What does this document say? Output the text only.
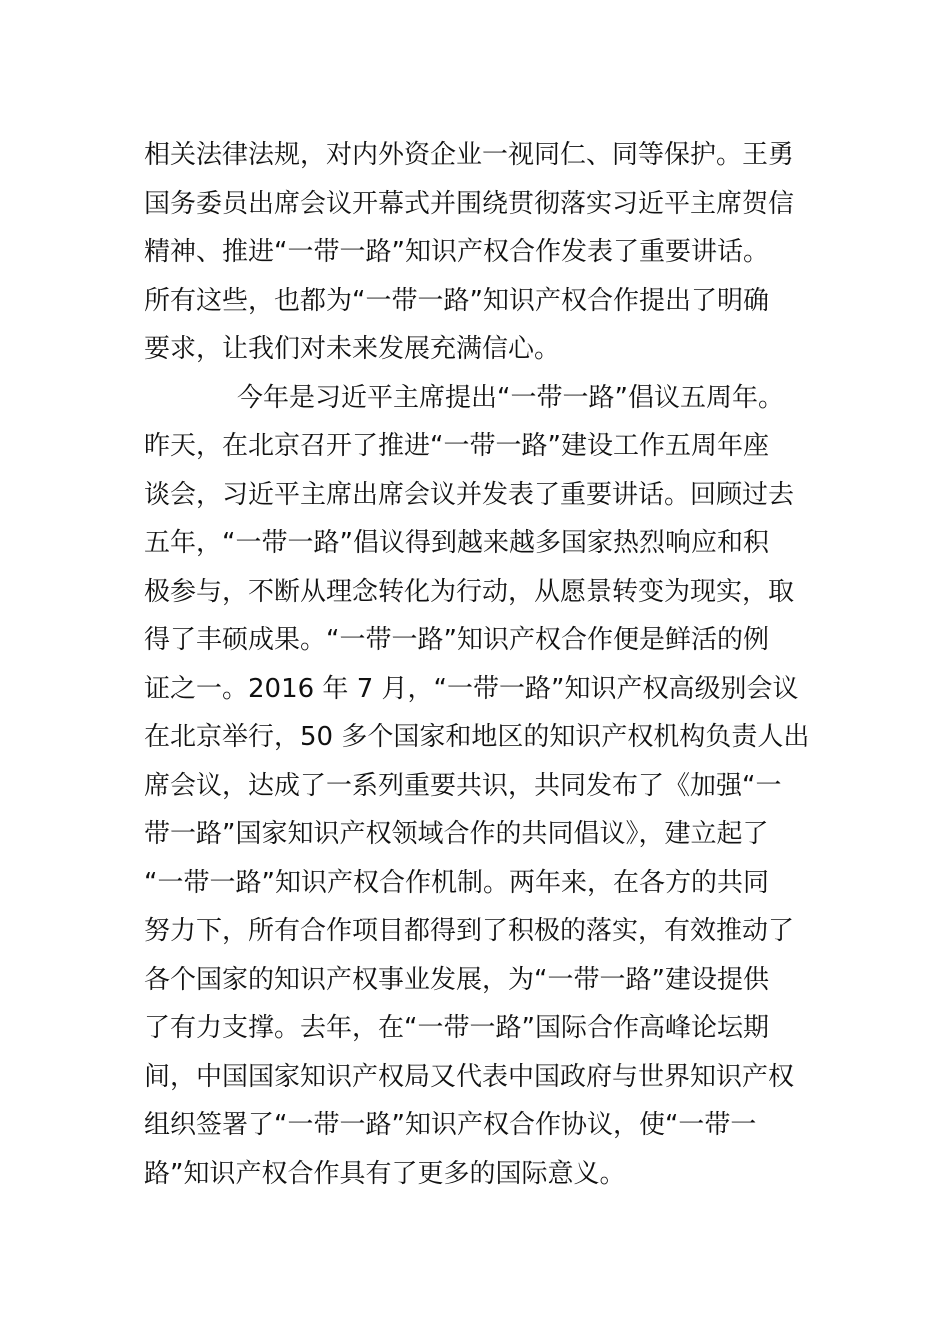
相关法律法规，对内外资企业一视同仁、同等保护。王勇
国务委员出席会议开幕式并围绕贯彻落实习近平主席贺信
精神、推进“一带一路”知识产权合作发表了重要讲话。
所有这些，也都为“一带一路”知识产权合作提出了明确
要求，让我们对未来发展充满信心。
今年是习近平主席提出“一带一路”倡议五周年。
昨天，在北京召开了推进“一带一路”建设工作五周年座
谈会，习近平主席出席会议并发表了重要讲话。回顾过去
五年，“一带一路”倡议得到越来越多国家热烈响应和积
极参与，不断从理念转化为行动，从愿景转变为现实，取
得了丰硕成果。“一带一路”知识产权合作便是鲜活的例
证之一。2016 年 7 月，“一带一路”知识产权高级别会议
在北京举行，50 多个国家和地区的知识产权机构负责人出
席会议，达成了一系列重要共识，共同发布了《加强“一
带一路”国家知识产权领域合作的共同倡议》，建立起了
“一带一路”知识产权合作机制。两年来，在各方的共同
努力下，所有合作项目都得到了积极的落实，有效推动了
各个国家的知识产权事业发展，为“一带一路”建设提供
了有力支撑。去年，在“一带一路”国际合作高峰论坛期
间，中国国家知识产权局又代表中国政府与世界知识产权
组织签署了“一带一路”知识产权合作协议，使“一带一
路”知识产权合作具有了更多的国际意义。
